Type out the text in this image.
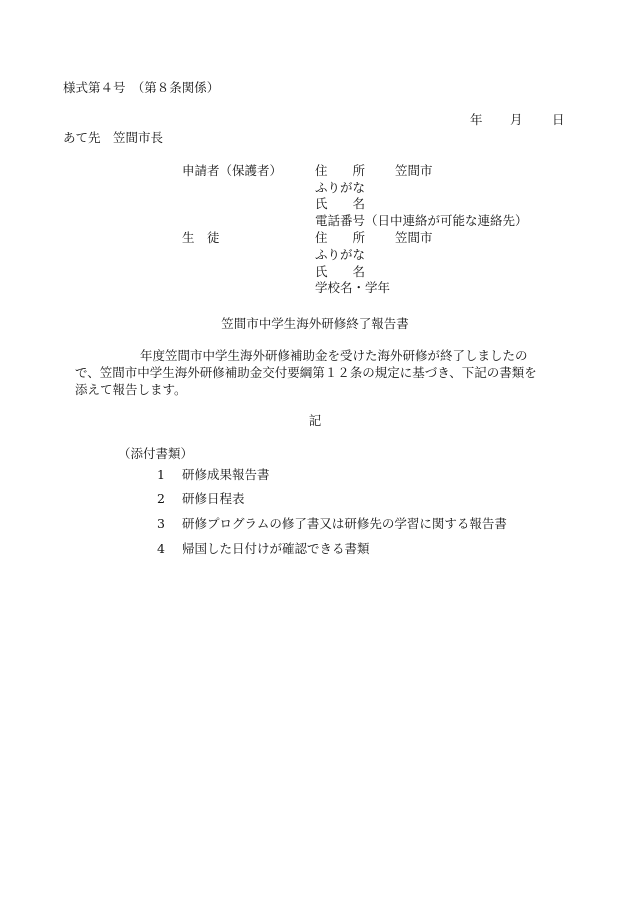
様式第４号　（第８条関係）
年 月 日
あて先　笠間市長
申請者（保護者）	住　　所 笠間市
ふりがな
氏　　名
電話番号（日中連絡が可能な連絡先）
生　徒	住　　所 笠間市
ふりがな
氏　　名
学校名・学年
笠間市中学生海外研修終了報告書
年度笠間市中学生海外研修補助金を受けた海外研修が終了しましたの
で、笠間市中学生海外研修補助金交付要綱第１２条の規定に基づき、下記の書類を
添えて報告します。
記
（添付書類）
1 研修成果報告書
2 研修日程表
3 研修プログラムの修了書又は研修先の学習に関する報告書
4 帰国した日付けが確認できる書類
